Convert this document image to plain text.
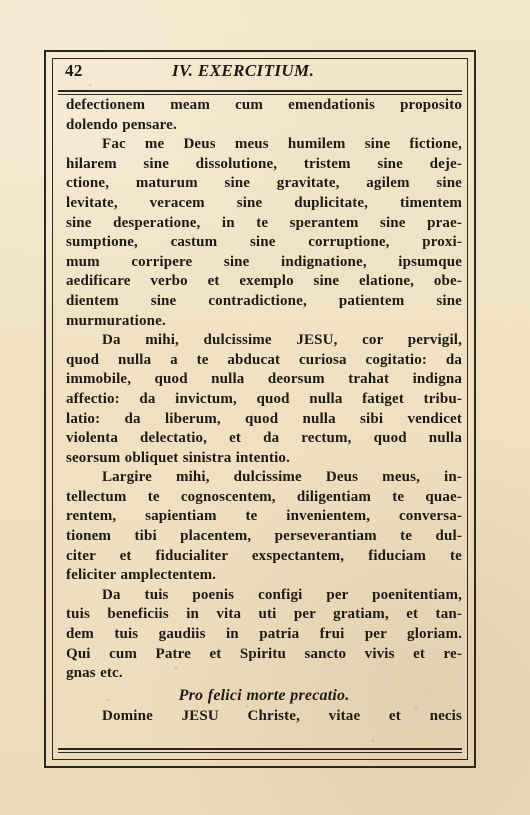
42	IV. EXERCITIUM.
defectionem meam cum emendationis proposito
dolendo pensare.
Fac me Deus meus humilem sine fictione,
hilarem sine dissolutione, tristem sine deje-
ctione, maturum sine gravitate, agilem sine
levitate, veracem sine duplicitate, timentem
sine desperatione, in te sperantem sine prae-
sumptione, castum sine corruptione, proxi-
mum corripere sine indignatione, ipsumque
aedificare verbo et exemplo sine elatione, obe-
dientem sine contradictione, patientem sine
murmuratione.
Da mihi, dulcissime JESU, cor pervigil,
quod nulla a te abducat curiosa cogitatio: da
immobile, quod nulla deorsum trahat indigna
affectio: da invictum, quod nulla fatiget tribu-
latio: da liberum, quod nulla sibi vendicet
violenta delectatio, et da rectum, quod nulla
seorsum obliquet sinistra intentio.
Largire mihi, dulcissime Deus meus, in-
tellectum te cognoscentem, diligentiam te quae-
rentem, sapientiam te invenientem, conversa-
tionem tibi placentem, perseverantiam te dul-
citer et fiducialiter exspectantem, fiduciam te
feliciter amplectentem.
Da tuis poenis configi per poenitentiam,
tuis beneficiis in vita uti per gratiam, et tan-
dem tuis gaudiis in patria frui per gloriam.
Qui cum Patre et Spiritu sancto vivis et re-
gnas etc.
Pro felici morte precatio.
Domine JESU Christe, vitae et necis
